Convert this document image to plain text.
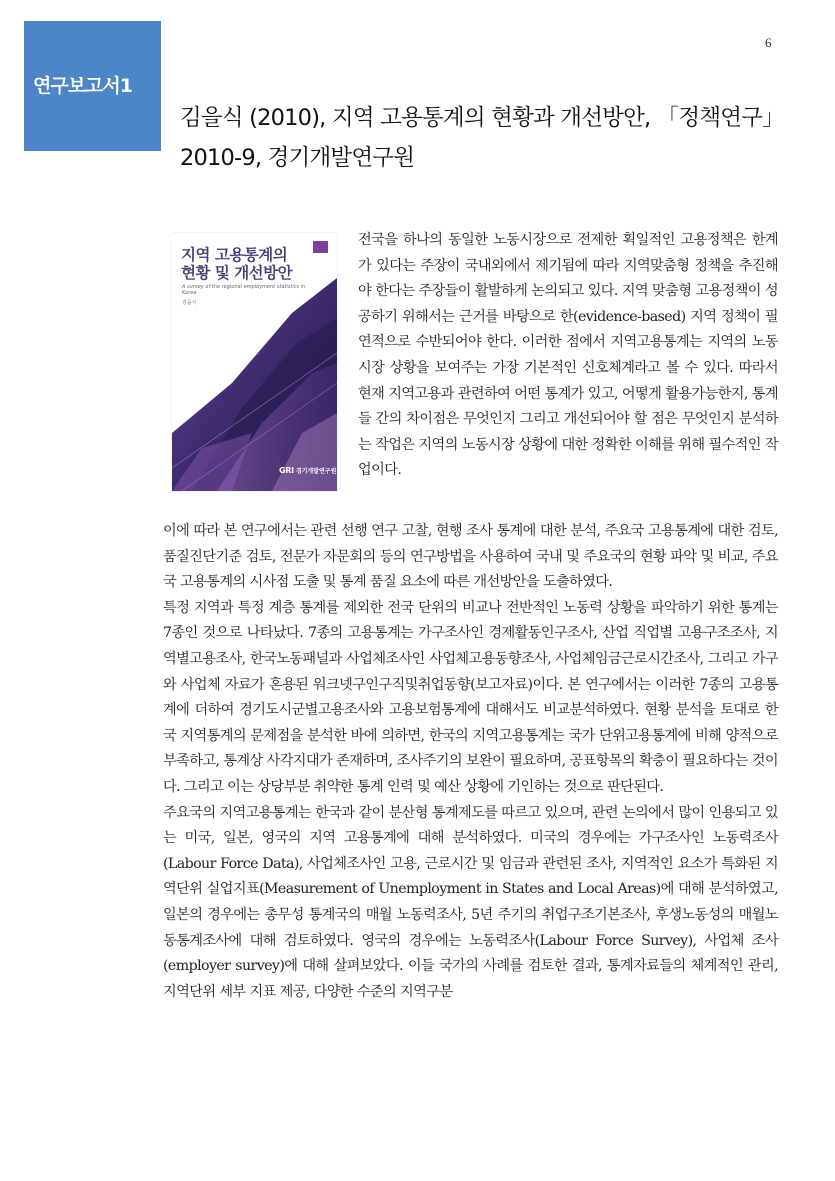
연구보고서1
6
김을식 (2010), 지역 고용통계의 현황과 개선방안, 「정책연구」 2010-9, 경기개발연구원
지역 고용통계의
현황 및 개선방안
A survey of the regional employment statistics in Korea
김을식
GRI 경기개발연구원

전국을 하나의 동일한 노동시장으로 전제한 획일적인 고용정책은 한계가 있다는 주장이 국내외에서 제기됨에 따라 지역맞춤형 정책을 추진해야 한다는 주장들이 활발하게 논의되고 있다. 지역 맞춤형 고용정책이 성공하기 위해서는 근거를 바탕으로 한(evidence-based) 지역 정책이 필연적으로 수반되어야 한다. 이러한 점에서 지역고용통계는 지역의 노동시장 상황을 보여주는 가장 기본적인 신호체계라고 볼 수 있다. 따라서 현재 지역고용과 관련하여 어떤 통계가 있고, 어떻게 활용가능한지, 통계들 간의 차이점은 무엇인지 그리고 개선되어야 할 점은 무엇인지 분석하는 작업은 지역의 노동시장 상황에 대한 정확한 이해를 위해 필수적인 작업이다.

이에 따라 본 연구에서는 관련 선행 연구 고찰, 현행 조사 통계에 대한 분석, 주요국 고용통계에 대한 검토, 품질진단기준 검토, 전문가 자문회의 등의 연구방법을 사용하여 국내 및 주요국의 현황 파악 및 비교, 주요국 고용통계의 시사점 도출 및 통계 품질 요소에 따른 개선방안을 도출하였다.

특정 지역과 특정 계층 통계를 제외한 전국 단위의 비교나 전반적인 노동력 상황을 파악하기 위한 통계는 7종인 것으로 나타났다. 7종의 고용통계는 가구조사인 경제활동인구조사, 산업 직업별 고용구조조사, 지역별고용조사, 한국노동패널과 사업체조사인 사업체고용동향조사, 사업체임금근로시간조사, 그리고 가구와 사업체 자료가 혼용된 워크넷구인구직및취업동향(보고자료)이다. 본 연구에서는 이러한 7종의 고용통계에 더하여 경기도시군별고용조사와 고용보험통계에 대해서도 비교분석하였다. 현황 분석을 토대로 한국 지역통계의 문제점을 분석한 바에 의하면, 한국의 지역고용통계는 국가 단위고용통계에 비해 양적으로 부족하고, 통계상 사각지대가 존재하며, 조사주기의 보완이 필요하며, 공표항목의 확충이 필요하다는 것이다. 그리고 이는 상당부분 취약한 통계 인력 및 예산 상황에 기인하는 것으로 판단된다.

주요국의 지역고용통계는 한국과 같이 분산형 통계제도를 따르고 있으며, 관련 논의에서 많이 인용되고 있는 미국, 일본, 영국의 지역 고용통계에 대해 분석하였다. 미국의 경우에는 가구조사인 노동력조사(Labour Force Data), 사업체조사인 고용, 근로시간 및 임금과 관련된 조사, 지역적인 요소가 특화된 지역단위 실업지표(Measurement of Unemployment in States and Local Areas)에 대해 분석하였고, 일본의 경우에는 총무성 통계국의 매월 노동력조사, 5년 주기의 취업구조기본조사, 후생노동성의 매월노동통계조사에 대해 검토하였다. 영국의 경우에는 노동력조사(Labour Force Survey), 사업체 조사(employer survey)에 대해 살펴보았다. 이들 국가의 사례를 검토한 결과, 통계자료들의 체계적인 관리, 지역단위 세부 지표 제공, 다양한 수준의 지역구분
